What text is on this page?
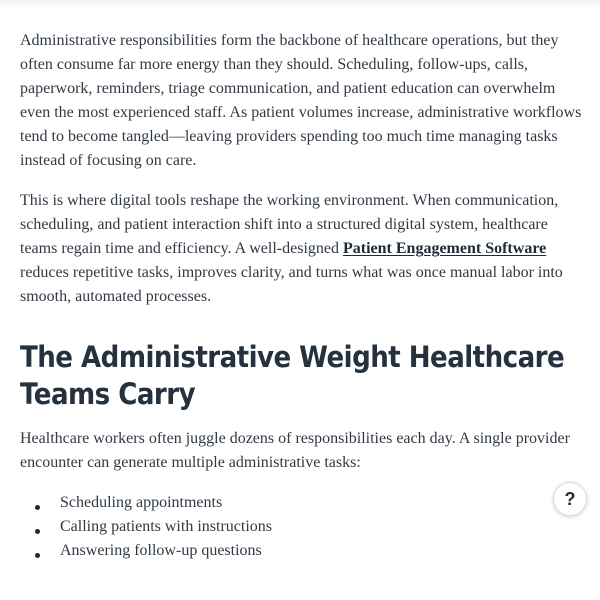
Administrative responsibilities form the backbone of healthcare operations, but they often consume far more energy than they should. Scheduling, follow-ups, calls, paperwork, reminders, triage communication, and patient education can overwhelm even the most experienced staff. As patient volumes increase, administrative workflows tend to become tangled—leaving providers spending too much time managing tasks instead of focusing on care.

This is where digital tools reshape the working environment. When communication, scheduling, and patient interaction shift into a structured digital system, healthcare teams regain time and efficiency. A well-designed Patient Engagement Software reduces repetitive tasks, improves clarity, and turns what was once manual labor into smooth, automated processes.

The Administrative Weight Healthcare Teams Carry

Healthcare workers often juggle dozens of responsibilities each day. A single provider encounter can generate multiple administrative tasks:

Scheduling appointments
Calling patients with instructions
Answering follow-up questions
?
